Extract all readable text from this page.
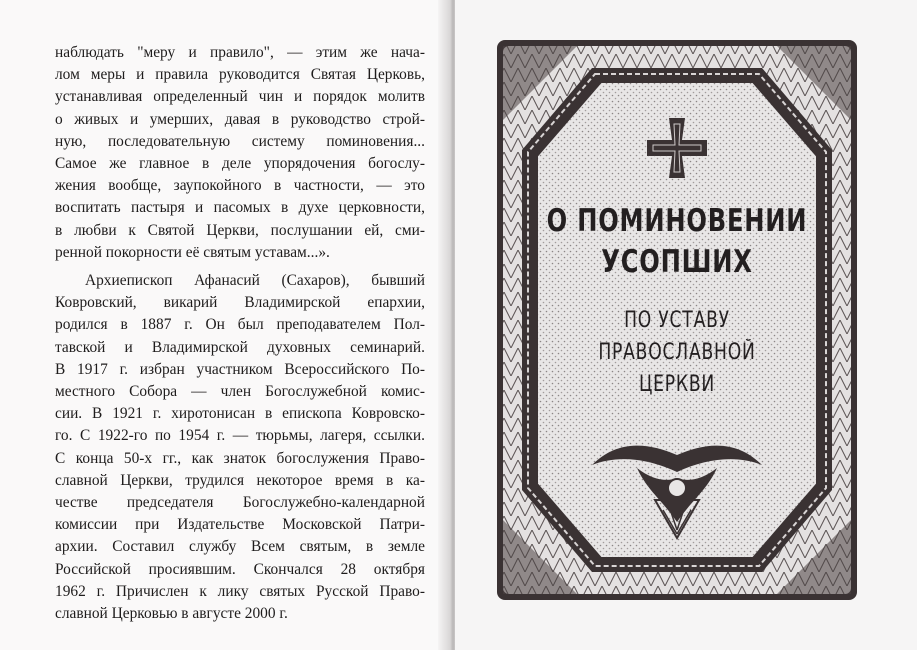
наблюдать "меру и правило", — этим же нача-
лом меры и правила руководится Святая Церковь,
устанавливая определенный чин и порядок молитв
о живых и умерших, давая в руководство строй-
ную, последовательную систему поминовения...
Самое же главное в деле упорядочения богослу-
жения вообще, заупокойного в частности, — это
воспитать пастыря и пасомых в духе церковности,
в любви к Святой Церкви, послушании ей, сми-
ренной покорности её святым уставам...».

Архиепископ Афанасий (Сахаров), бывший
Ковровский, викарий Владимирской епархии,
родился в 1887 г. Он был преподавателем Пол-
тавской и Владимирской духовных семинарий.
В 1917 г. избран участником Всероссийского По-
местного Собора — член Богослужебной комис-
сии. В 1921 г. хиротонисан в епископа Ковровско-
го. С 1922-го по 1954 г. — тюрьмы, лагеря, ссылки.
С конца 50-х гг., как знаток богослужения Право-
славной Церкви, трудился некоторое время в ка-
честве председателя Богослужебно-календарной
комиссии при Издательстве Московской Патри-
архии. Составил службу Всем святым, в земле
Российской просиявшим. Скончался 28 октября
1962 г. Причислен к лику святых Русской Право-
славной Церковью в августе 2000 г.

О ПОМИНОВЕНИИ
УСОПШИХ
ПО УСТАВУ
ПРАВОСЛАВНОЙ
ЦЕРКВИ
